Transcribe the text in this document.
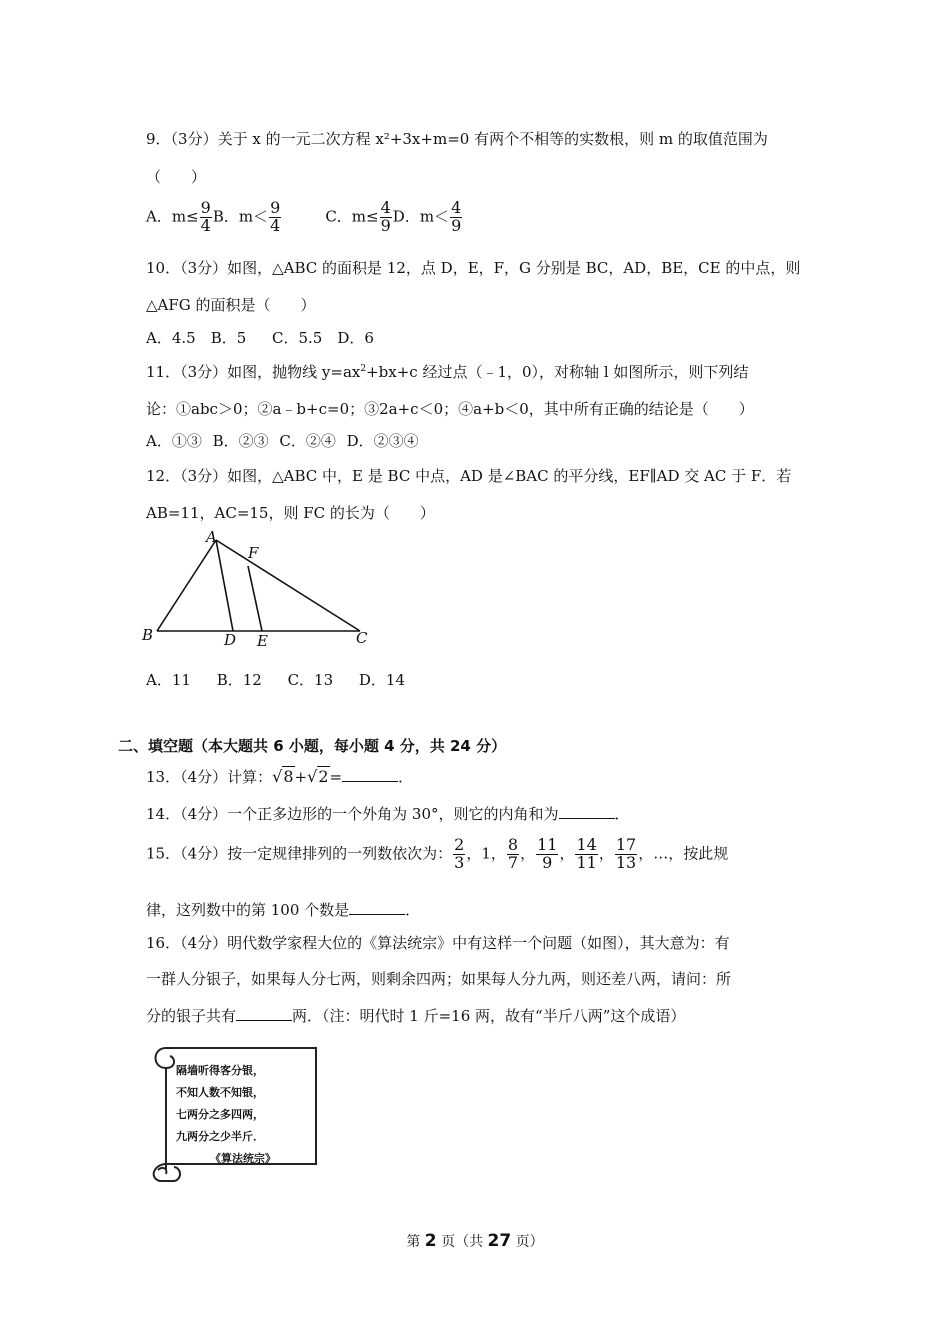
9．（3分）关于 x 的一元二次方程 x²+3x+m=0 有两个不相等的实数根，则 m 的取值范围为
（　　）
A．$m\le \frac{9}{4}$ B．$m< \frac{9}{4}$	C．$m\le \frac{4}{9}$ D．$m< \frac{4}{9}$
10．（3分）如图，△ABC 的面积是 12，点 D，E，F，G 分别是 BC，AD，BE，CE 的中点，则
△AFG 的面积是（　　）
A．4.5　B．5　 C．5.5　D．6
11．（3分）如图，抛物线 $y=ax^2+bx+c$ 经过点（﹣1，0），对称轴 l 如图所示，则下列结
论：①abc＞0；②a﹣b+c=0；③2a+c＜0；④a+b＜0，其中所有正确的结论是（　　）
A．①③ B．②③ C．②④ D．②③④
12．（3分）如图，△ABC 中，E 是 BC 中点，AD 是∠BAC 的平分线，EF∥AD 交 AC 于 F．若
AB=11，AC=15，则 FC 的长为（　　）
A
F
B	D E	C
A．11　 B．12　 C．13　 D．14
二、填空题（本大题共 6 小题，每小题 4 分，共 24 分）
13．（4分）计算：√8+√2=	．
14．（4分）一个正多边形的一个外角为 30°，则它的内角和为	．
15．（4分）按一定规律排列的一列数依次为： $\frac{2}{3}$ ，1， $\frac{8}{7}$ ， $\frac{11}{9}$ ， $\frac{14}{11}$ ， $\frac{17}{13}$ ，…，按此规
律，这列数中的第 100 个数是	．
16．（4分）明代数学家程大位的《算法统宗》中有这样一个问题（如图），其大意为：有
一群人分银子，如果每人分七两，则剩余四两；如果每人分九两，则还差八两，请问：所
分的银子共有	两．（注：明代时 1 斤=16 两，故有“半斤八两”这个成语）
隔墙听得客分银，
不知人数不知银，
七两分之多四两，
九两分之少半斤．
《算法统宗》
第 2 页（共 27 页）
